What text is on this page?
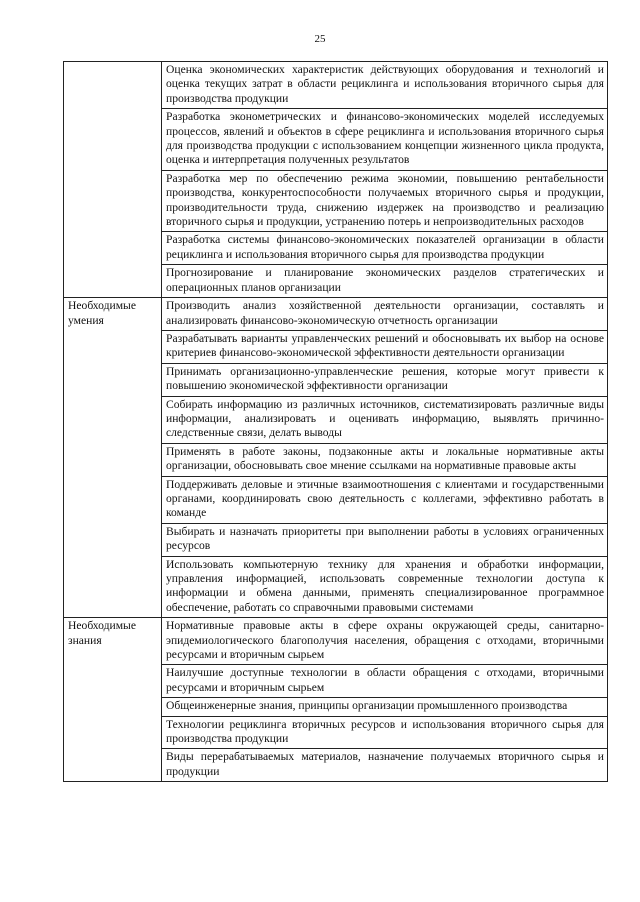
25
	Оценка экономических характеристик действующих оборудования и технологий и оценка текущих затрат в области рециклинга и использования вторичного сырья для производства продукции
	Разработка эконометрических и финансово-экономических моделей исследуемых процессов, явлений и объектов в сфере рециклинга и использования вторичного сырья для производства продукции с использованием концепции жизненного цикла продукта, оценка и интерпретация полученных результатов
	Разработка мер по обеспечению режима экономии, повышению рентабельности производства, конкурентоспособности получаемых вторичного сырья и продукции, производительности труда, снижению издержек на производство и реализацию вторичного сырья и продукции, устранению потерь и непроизводительных расходов
	Разработка системы финансово-экономических показателей организации в области рециклинга и использования вторичного сырья для производства продукции
	Прогнозирование и планирование экономических разделов стратегических и операционных планов организации
Необходимые умения	Производить анализ хозяйственной деятельности организации, составлять и анализировать финансово-экономическую отчетность организации
	Разрабатывать варианты управленческих решений и обосновывать их выбор на основе критериев финансово-экономической эффективности деятельности организации
	Принимать организационно-управленческие решения, которые могут привести к повышению экономической эффективности организации
	Собирать информацию из различных источников, систематизировать различные виды информации, анализировать и оценивать информацию, выявлять причинно-следственные связи, делать выводы
	Применять в работе законы, подзаконные акты и локальные нормативные акты организации, обосновывать свое мнение ссылками на нормативные правовые акты
	Поддерживать деловые и этичные взаимоотношения с клиентами и государственными органами, координировать свою деятельность с коллегами, эффективно работать в команде
	Выбирать и назначать приоритеты при выполнении работы в условиях ограниченных ресурсов
	Использовать компьютерную технику для хранения и обработки информации, управления информацией, использовать современные технологии доступа к информации и обмена данными, применять специализированное программное обеспечение, работать со справочными правовыми системами
Необходимые знания	Нормативные правовые акты в сфере охраны окружающей среды, санитарно-эпидемиологического благополучия населения, обращения с отходами, вторичными ресурсами и вторичным сырьем
	Наилучшие доступные технологии в области обращения с отходами, вторичными ресурсами и вторичным сырьем
	Общеинженерные знания, принципы организации промышленного производства
	Технологии рециклинга вторичных ресурсов и использования вторичного сырья для производства продукции
	Виды перерабатываемых материалов, назначение получаемых вторичного сырья и продукции
